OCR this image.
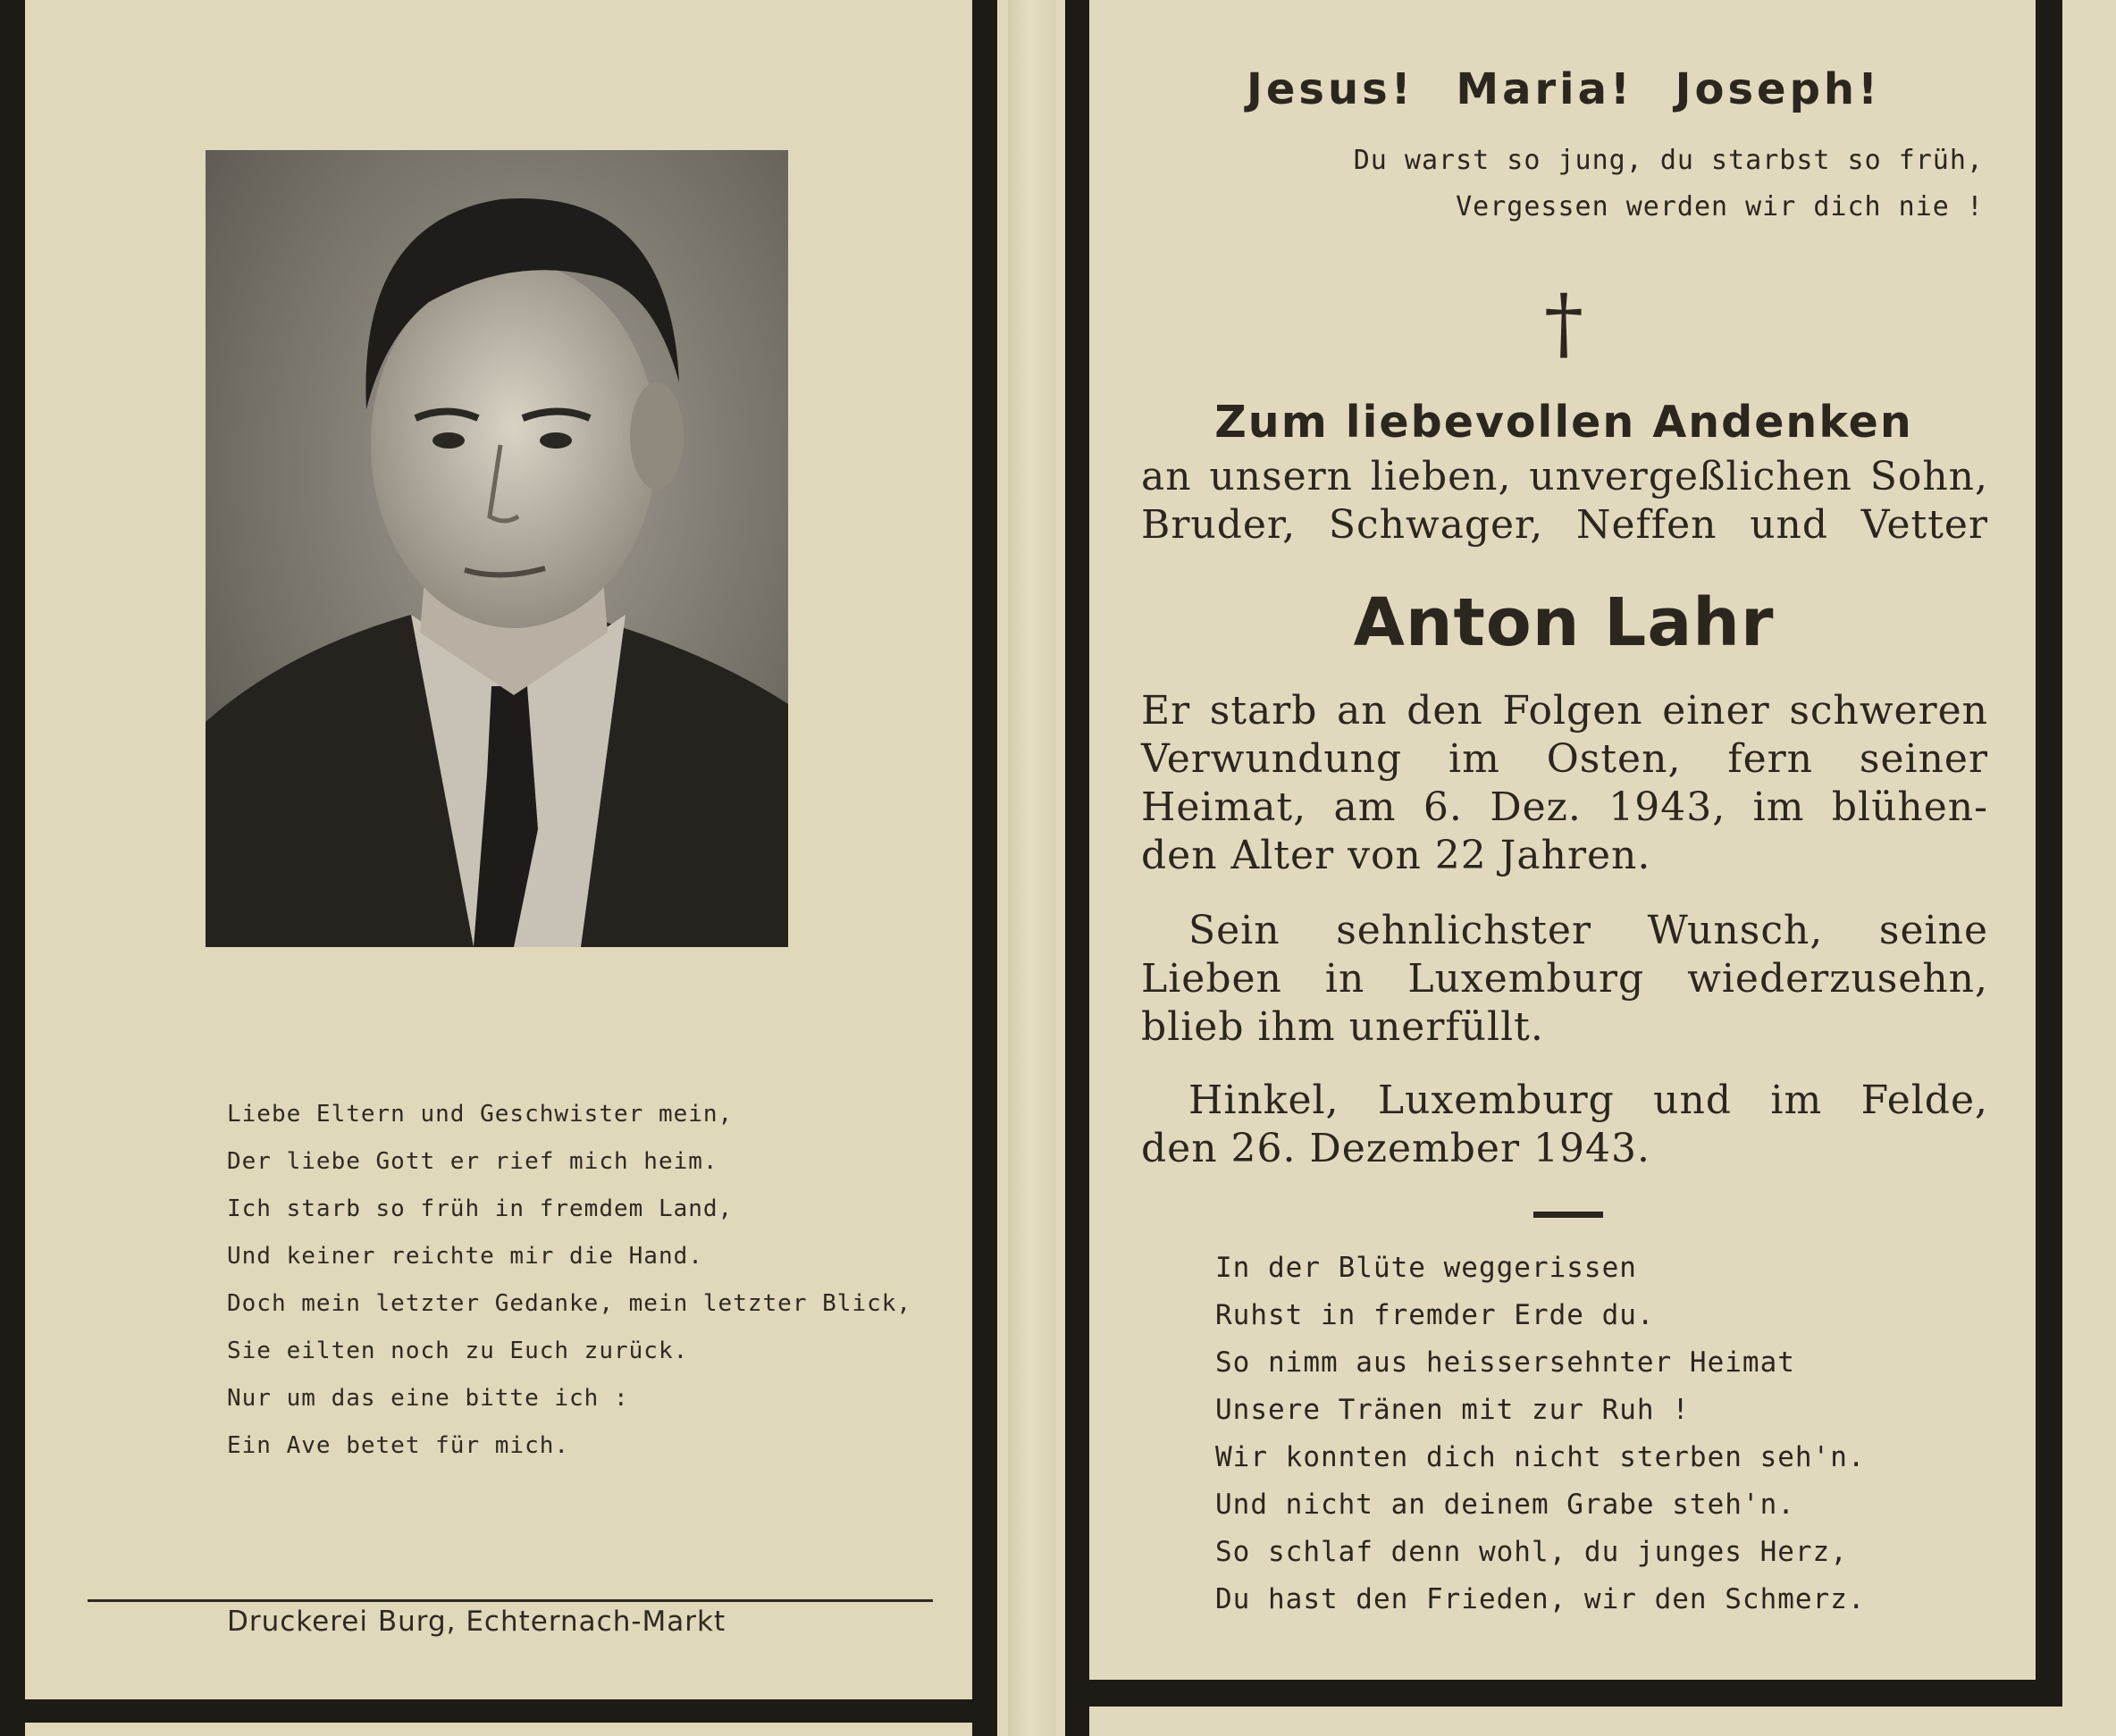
Liebe Eltern und Geschwister mein,
Der liebe Gott er rief mich heim.
Ich starb so früh in fremdem Land,
Und keiner reichte mir die Hand.
Doch mein letzter Gedanke, mein letzter Blick,
Sie eilten noch zu Euch zurück.
Nur um das eine bitte ich :
Ein Ave betet für mich.
Druckerei Burg, Echternach-Markt
Jesus! Maria! Joseph!
Du warst so jung, du starbst so früh,
Vergessen werden wir dich nie !
†
Zum liebevollen Andenken
an unsern lieben, unvergeßlichen Sohn,
Bruder, Schwager, Neffen und Vetter
Anton Lahr
Er starb an den Folgen einer schweren
Verwundung im Osten, fern seiner
Heimat, am 6. Dez. 1943, im blühen-
den Alter von 22 Jahren.
Sein sehnlichster Wunsch, seine
Lieben in Luxemburg wiederzusehn,
blieb ihm unerfüllt.
Hinkel, Luxemburg und im Felde,
den 26. Dezember 1943.
In der Blüte weggerissen
Ruhst in fremder Erde du.
So nimm aus heissersehnter Heimat
Unsere Tränen mit zur Ruh !
Wir konnten dich nicht sterben seh'n.
Und nicht an deinem Grabe steh'n.
So schlaf denn wohl, du junges Herz,
Du hast den Frieden, wir den Schmerz.
